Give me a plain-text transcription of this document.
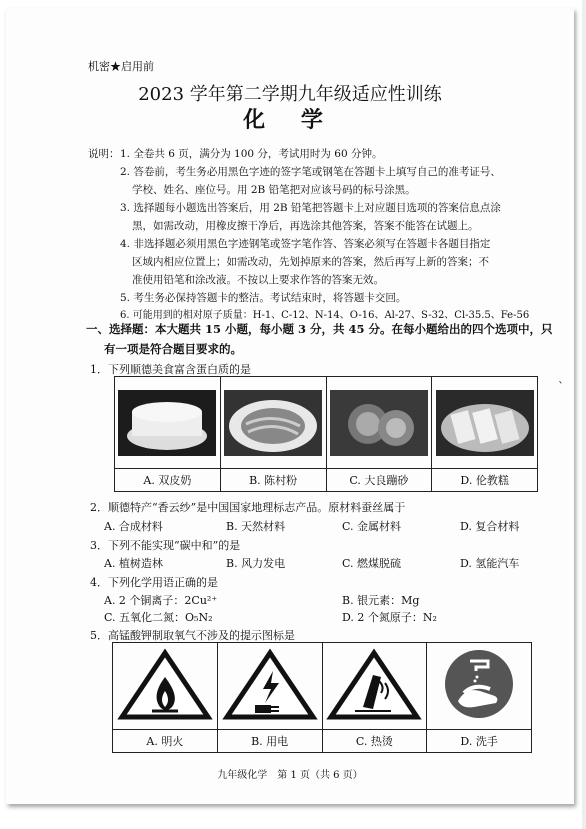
机密★启用前
2023 学年第二学期九年级适应性训练
化 学
说明： 1. 全卷共 6 页，满分为 100 分，考试用时为 60 分钟。
2. 答卷前，考生务必用黑色字迹的签字笔或钢笔在答题卡上填写自己的准考证号、
学校、姓名、座位号。用 2B 铅笔把对应该号码的标号涂黑。
3. 选择题每小题选出答案后，用 2B 铅笔把答题卡上对应题目选项的答案信息点涂
黑，如需改动，用橡皮擦干净后，再选涂其他答案，答案不能答在试题上。
4. 非选择题必须用黑色字迹钢笔或签字笔作答、答案必须写在答题卡各题目指定
区域内相应位置上；如需改动，先划掉原来的答案，然后再写上新的答案；不
准使用铅笔和涂改液。不按以上要求作答的答案无效。
5. 考生务必保持答题卡的整洁。考试结束时，将答题卡交回。
6. 可能用到的相对原子质量：H-1、C-12、N-14、O-16、Al-27、S-32、Cl-35.5、Fe-56
一、选择题：本大题共 15 小题，每小题 3 分，共 45 分。在每小题给出的四个选项中，只
有一项是符合题目要求的。
1．下列顺德美食富含蛋白质的是

A. 双皮奶	B. 陈村粉	C. 大良蹦砂	D. 伦教糕
2．顺德特产“香云纱”是中国国家地理标志产品。原材料蚕丝属于
A. 合成材料	B. 天然材料	C. 金属材料	D. 复合材料
3．下列不能实现“碳中和”的是
A. 植树造林	B. 风力发电	C. 燃煤脱硫	D. 氢能汽车
4．下列化学用语正确的是
A. 2 个铜离子：2Cu²⁺	B. 银元素：Mg
C. 五氧化二氮：O₅N₂	D. 2 个氮原子：N₂
5．高锰酸钾制取氧气不涉及的提示图标是

A. 明火	B. 用电	C. 热烫	D. 洗手
九年级化学　第 1 页（共 6 页）
`
